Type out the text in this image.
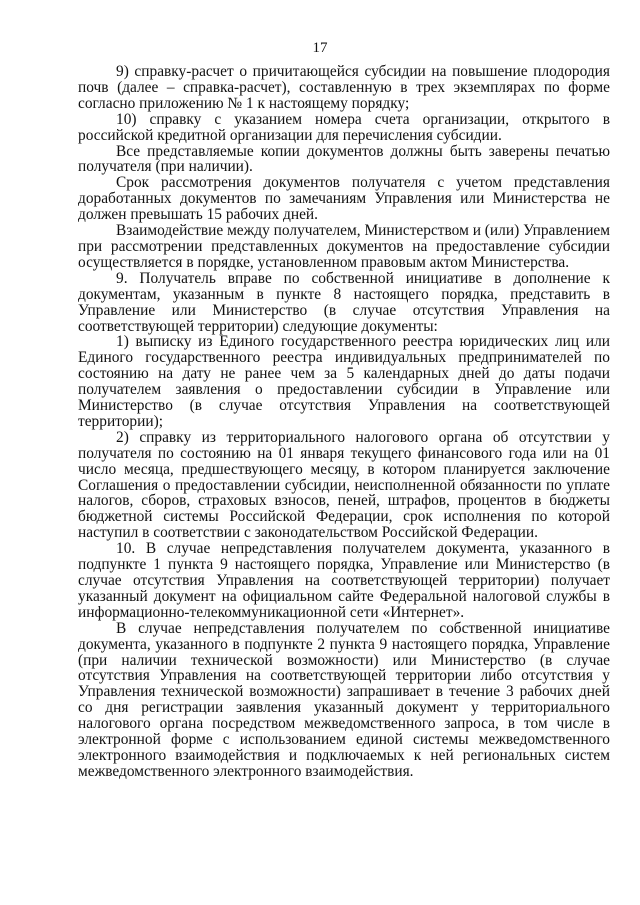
17

9) справку-расчет о причитающейся субсидии на повышение плодородия почв (далее – справка-расчет), составленную в трех экземплярах по форме согласно приложению № 1 к настоящему порядку;

10) справку с указанием номера счета организации, открытого в российской кредитной организации для перечисления субсидии.

Все представляемые копии документов должны быть заверены печатью получателя (при наличии).

Срок рассмотрения документов получателя с учетом представления доработанных документов по замечаниям Управления или Министерства не должен превышать 15 рабочих дней.

Взаимодействие между получателем, Министерством и (или) Управлением при рассмотрении представленных документов на предоставление субсидии осуществляется в порядке, установленном правовым актом Министерства.

9. Получатель вправе по собственной инициативе в дополнение к документам, указанным в пункте 8 настоящего порядка, представить в Управление или Министерство (в случае отсутствия Управления на соответствующей территории) следующие документы:

1) выписку из Единого государственного реестра юридических лиц или Единого государственного реестра индивидуальных предпринимателей по состоянию на дату не ранее чем за 5 календарных дней до даты подачи получателем заявления о предоставлении субсидии в Управление или Министерство (в случае отсутствия Управления на соответствующей территории);

2) справку из территориального налогового органа об отсутствии у получателя по состоянию на 01 января текущего финансового года или на 01 число месяца, предшествующего месяцу, в котором планируется заключение Соглашения о предоставлении субсидии, неисполненной обязанности по уплате налогов, сборов, страховых взносов, пеней, штрафов, процентов в бюджеты бюджетной системы Российской Федерации, срок исполнения по которой наступил в соответствии с законодательством Российской Федерации.

10. В случае непредставления получателем документа, указанного в подпункте 1 пункта 9 настоящего порядка, Управление или Министерство (в случае отсутствия Управления на соответствующей территории) получает указанный документ на официальном сайте Федеральной налоговой службы в информационно-телекоммуникационной сети «Интернет».

В случае непредставления получателем по собственной инициативе документа, указанного в подпункте 2 пункта 9 настоящего порядка, Управление (при наличии технической возможности) или Министерство (в случае отсутствия Управления на соответствующей территории либо отсутствия у Управления технической возможности) запрашивает в течение 3 рабочих дней со дня регистрации заявления указанный документ у территориального налогового органа посредством межведомственного запроса, в том числе в электронной форме с использованием единой системы межведомственного электронного взаимодействия и подключаемых к ней региональных систем межведомственного электронного взаимодействия.
